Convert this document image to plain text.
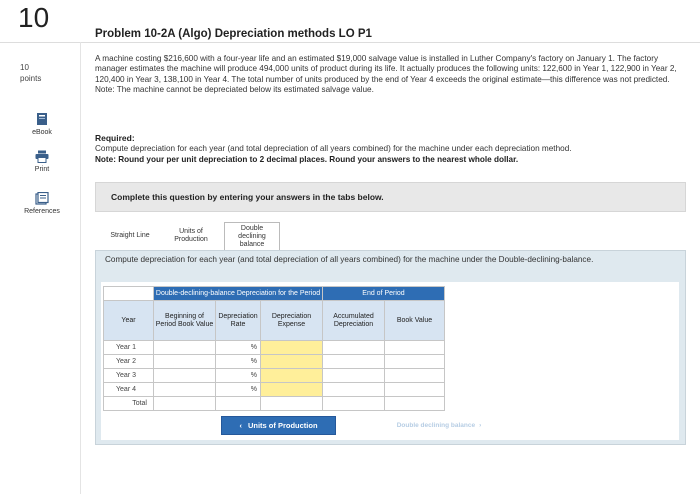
10
10
points
eBook
Print
References
Problem 10-2A (Algo) Depreciation methods LO P1
A machine costing $216,600 with a four-year life and an estimated $19,000 salvage value is installed in Luther Company's factory on January 1. The factory manager estimates the machine will produce 494,000 units of product during its life. It actually produces the following units: 122,600 in Year 1, 122,900 in Year 2, 120,400 in Year 3, 138,100 in Year 4. The total number of units produced by the end of Year 4 exceeds the original estimate—this difference was not predicted. Note: The machine cannot be depreciated below its estimated salvage value.
Required:
Compute depreciation for each year (and total depreciation of all years combined) for the machine under each depreciation method.
Note: Round your per unit depreciation to 2 decimal places. Round your answers to the nearest whole dollar.
Complete this question by entering your answers in the tabs below.
Straight Line
Units of Production
Double declining balance
Compute depreciation for each year (and total depreciation of all years combined) for the machine under the Double-declining-balance.
	Double-declining-balance Depreciation for the Period			End of Period	
Year	Beginning of Period Book Value	Depreciation Rate	Depreciation Expense	Accumulated Depreciation	Book Value
Year 1		%			
Year 2		%			
Year 3		%			
Year 4		%			
Total					
‹ Units of Production	Double declining balance ›
